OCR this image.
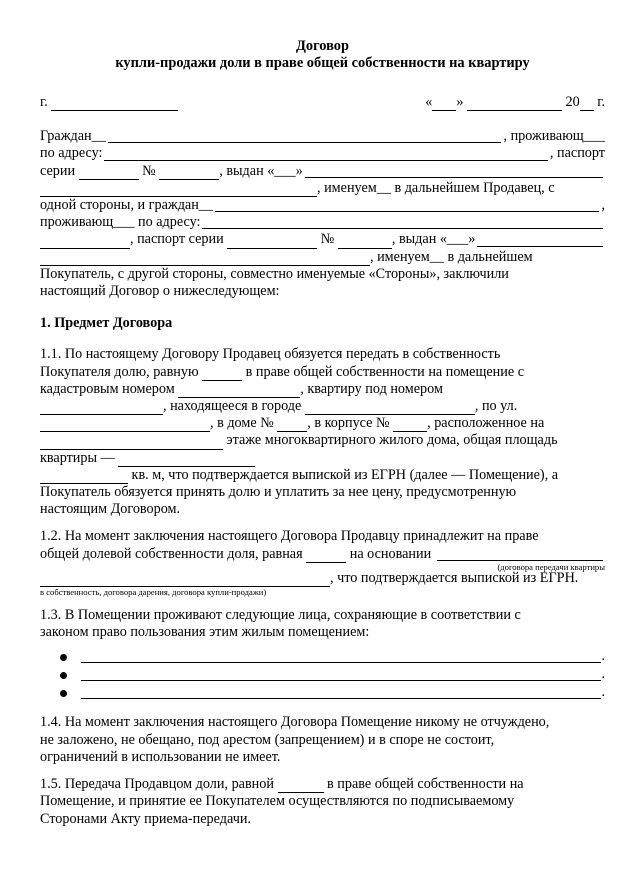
Договор
купли-продажи доли в праве общей собственности на квартиру
г.
	« »

	20
г.
Граждан__	, проживающ___
по адресу:	, паспорт
серии

	№
	, выдан «___»
, именуем__ в дальнейшем Продавец, с
одной стороны, и граждан__	,
проживающ___ по адресу:
, паспорт серии

	№
	, выдан «___»
, именуем__ в дальнейшем
Покупатель, с другой стороны, совместно именуемые «Стороны», заключили
настоящий Договор о нижеследующем:
1. Предмет Договора
1.1. По настоящему Договору Продавец обязуется передать в собственность
Покупателя долю, равную

	в праве общей собственности на помещение с
кадастровым номером
	, квартиру под номером
, находящееся в городе
	, по ул.
, в доме №
, в корпусе №
	, расположенное на

этаже многоквартирного жилого дома, общая площадь
квартиры —

кв. м, что подтверждается выпиской из ЕГРН (далее — Помещение), а
Покупатель обязуется принять долю и уплатить за нее цену, предусмотренную
настоящим Договором.
1.2. На момент заключения настоящего Договора Продавцу принадлежит на праве
общей долевой собственности доля, равная

	на основании

(договора передачи квартиры
, что подтверждается выпиской из ЕГРН.
в собственность, договора дарения, договора купли-продажи)
1.3. В Помещении проживают следующие лица, сохраняющие в соответствии с
законом право пользования этим жилым помещением:
.
.
.
1.4. На момент заключения настоящего Договора Помещение никому не отчуждено,
не заложено, не обещано, под арестом (запрещением) и в споре не состоит,
ограничений в использовании не имеет.
1.5. Передача Продавцом доли, равной

	в праве общей собственности на
Помещение, и принятие ее Покупателем осуществляются по подписываемому
Сторонами Акту приема-передачи.
